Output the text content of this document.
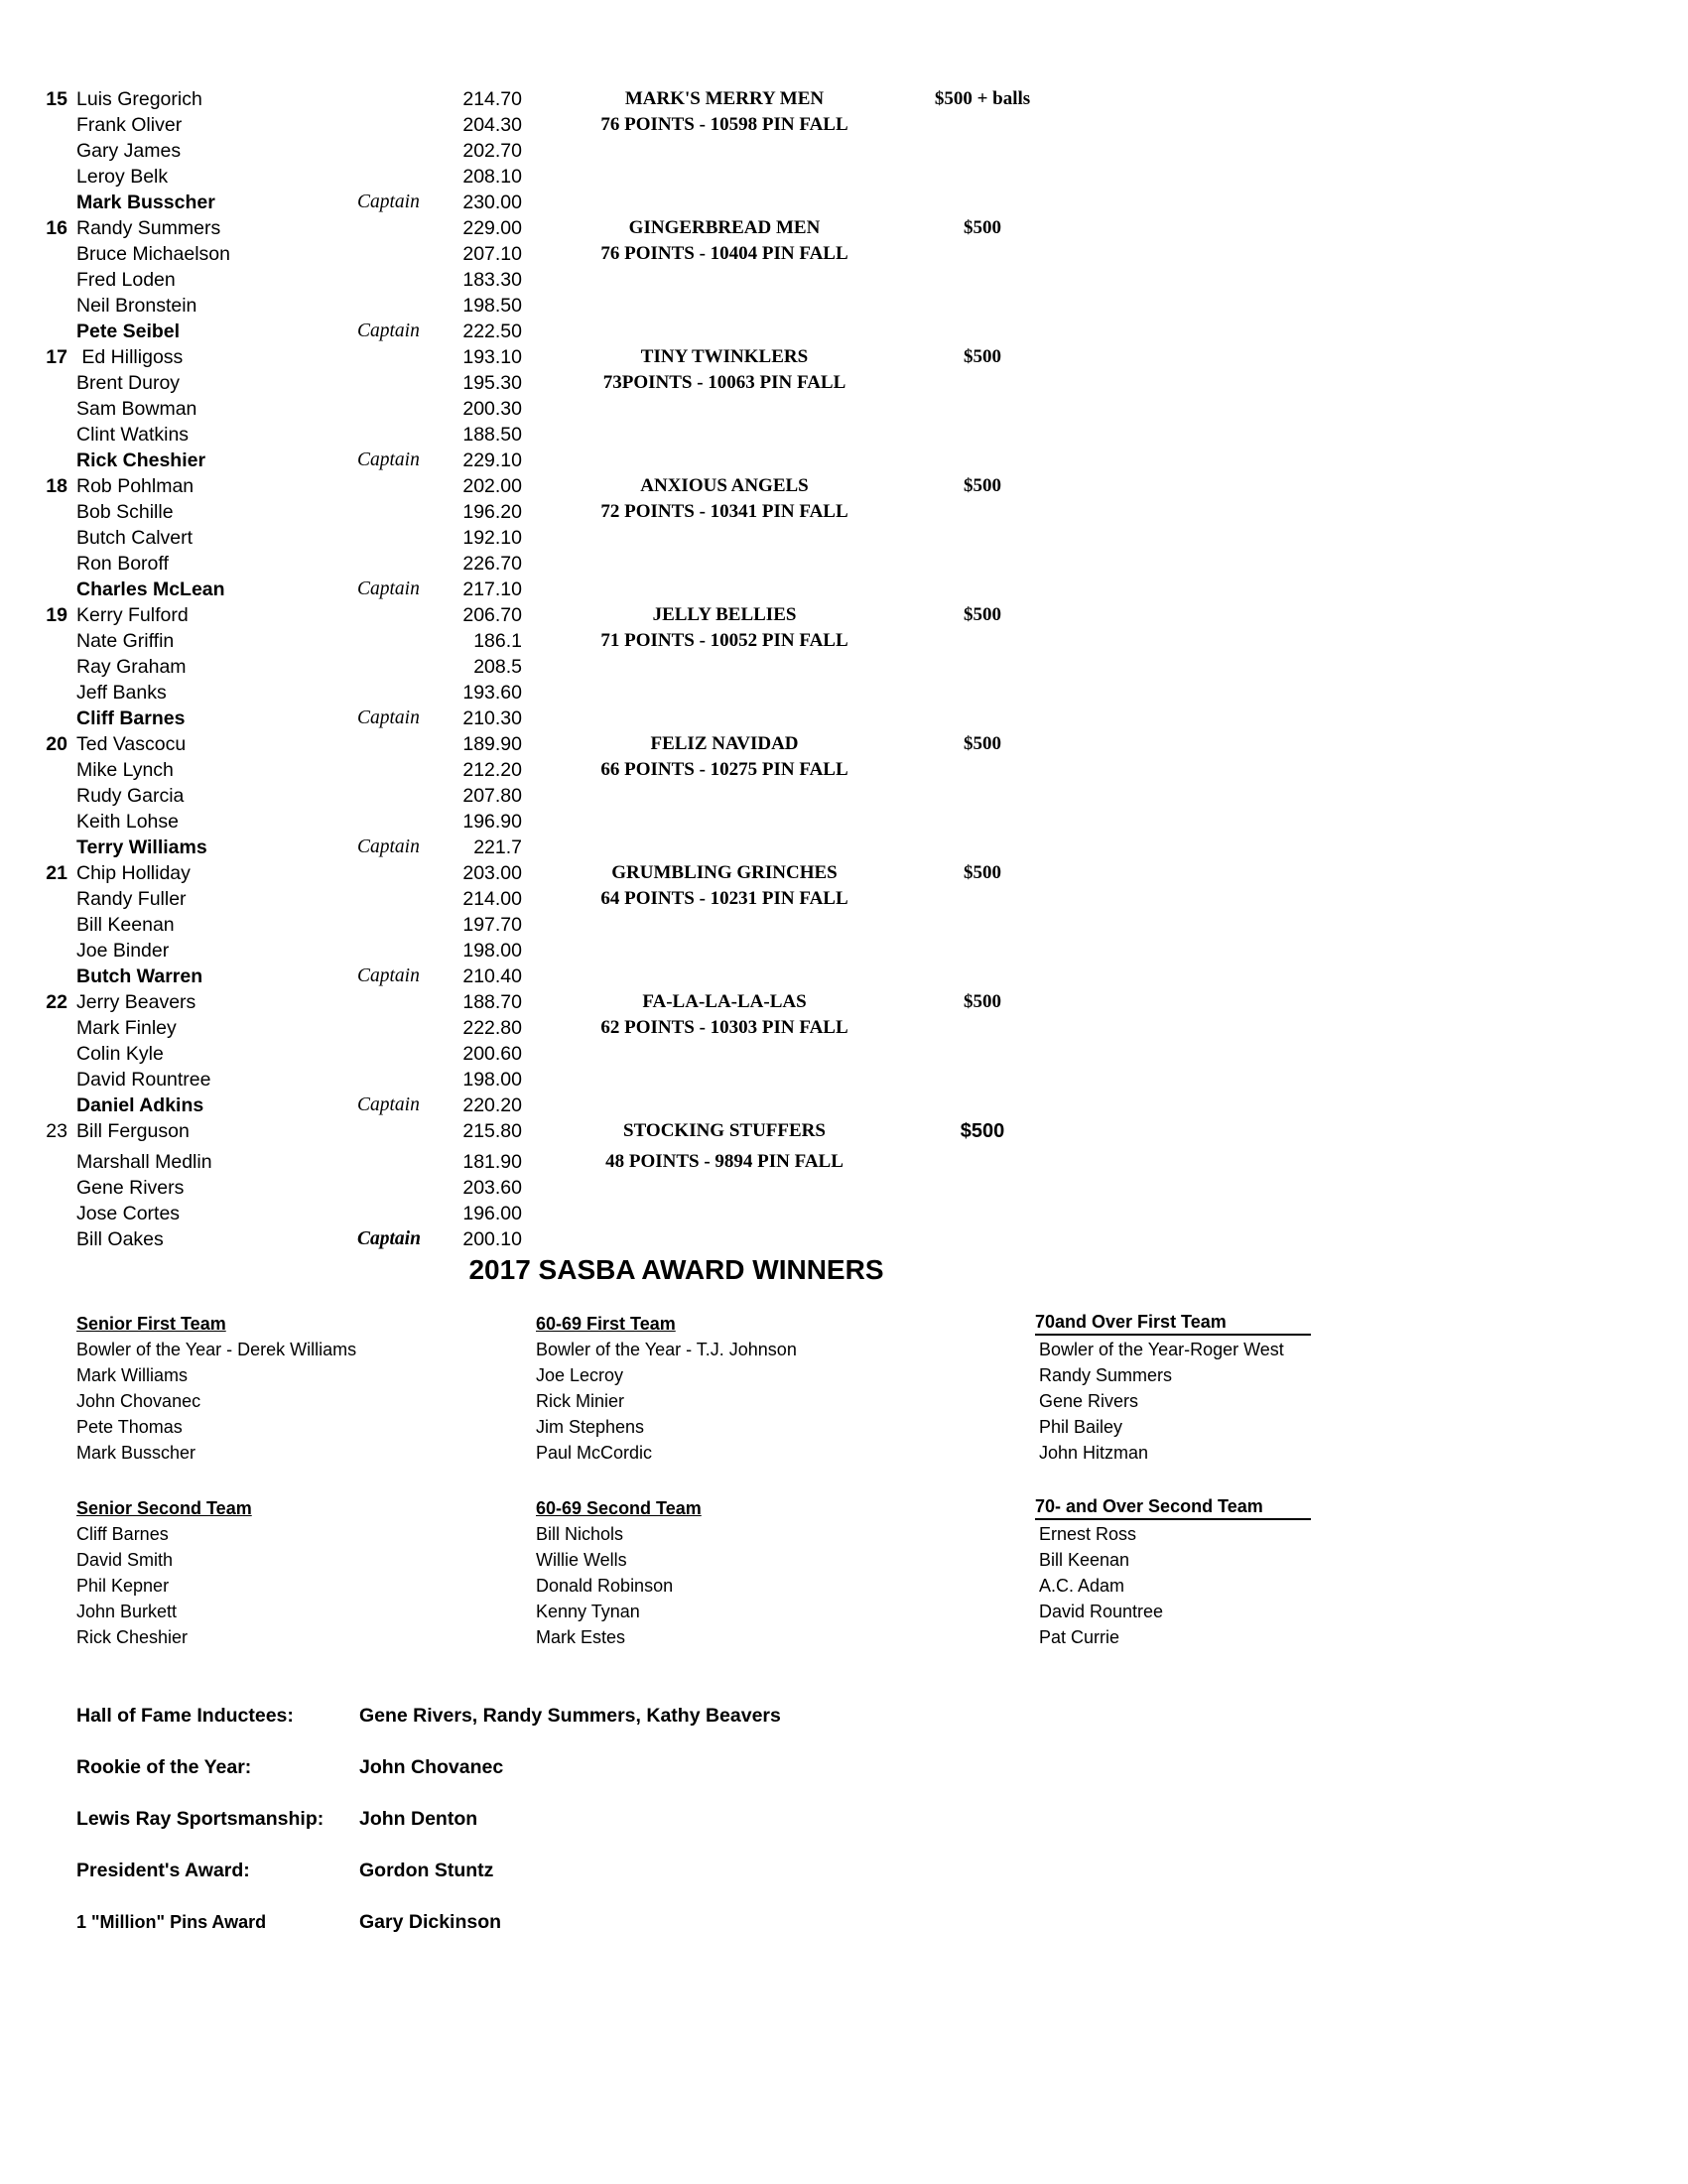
15 Luis Gregorich	214.70	MARK'S MERRY MEN	$500 + balls
Frank Oliver	204.30	76 POINTS - 10598 PIN FALL
Gary James	202.70
Leroy Belk	208.10
Mark Busscher	Captain	230.00
16 Randy Summers	229.00	GINGERBREAD MEN	$500
Bruce Michaelson	207.10	76 POINTS - 10404 PIN FALL
Fred Loden	183.30
Neil Bronstein	198.50
Pete Seibel	Captain	222.50
17 Ed Hilligoss	193.10	TINY TWINKLERS	$500
Brent Duroy	195.30	73POINTS - 10063 PIN FALL
Sam Bowman	200.30
Clint Watkins	188.50
Rick Cheshier	Captain	229.10
18 Rob Pohlman	202.00	ANXIOUS ANGELS	$500
Bob Schille	196.20	72 POINTS - 10341 PIN FALL
Butch Calvert	192.10
Ron Boroff	226.70
Charles McLean	Captain	217.10
19 Kerry Fulford	206.70	JELLY BELLIES	$500
Nate Griffin	186.1	71 POINTS - 10052 PIN FALL
Ray Graham	208.5
Jeff Banks	193.60
Cliff Barnes	Captain	210.30
20 Ted Vascocu	189.90	FELIZ NAVIDAD	$500
Mike Lynch	212.20	66 POINTS - 10275 PIN FALL
Rudy Garcia	207.80
Keith Lohse	196.90
Terry Williams	Captain	221.7
21 Chip Holliday	203.00	GRUMBLING GRINCHES	$500
Randy Fuller	214.00	64 POINTS - 10231 PIN FALL
Bill Keenan	197.70
Joe Binder	198.00
Butch Warren	Captain	210.40
22 Jerry Beavers	188.70	FA-LA-LA-LA-LAS	$500
Mark Finley	222.80	62 POINTS - 10303 PIN FALL
Colin Kyle	200.60
David Rountree	198.00
Daniel Adkins	Captain	220.20
23 Bill Ferguson	215.80	STOCKING STUFFERS	$500
Marshall Medlin	181.90	48 POINTS - 9894 PIN FALL
Gene Rivers	203.60
Jose Cortes	196.00
Bill Oakes	Captain	200.10
2017 SASBA AWARD WINNERS
Senior First Team
Bowler of the Year - Derek Williams
Mark Williams
John Chovanec
Pete Thomas
Mark Busscher
60-69 First Team
Bowler of the Year - T.J. Johnson
Joe Lecroy
Rick Minier
Jim Stephens
Paul McCordic
70and Over First Team
Bowler of the Year-Roger West
Randy Summers
Gene Rivers
Phil Bailey
John Hitzman
Senior Second Team
Cliff Barnes
David Smith
Phil Kepner
John Burkett
Rick Cheshier
60-69 Second Team
Bill Nichols
Willie Wells
Donald Robinson
Kenny Tynan
Mark Estes
70- and Over Second Team
Ernest Ross
Bill Keenan
A.C. Adam
David Rountree
Pat Currie
Hall of Fame Inductees:	Gene Rivers, Randy Summers, Kathy Beavers
Rookie of the Year:	John Chovanec
Lewis Ray Sportsmanship: John Denton
President's Award:	Gordon Stuntz
1 "Million" Pins Award	Gary Dickinson
